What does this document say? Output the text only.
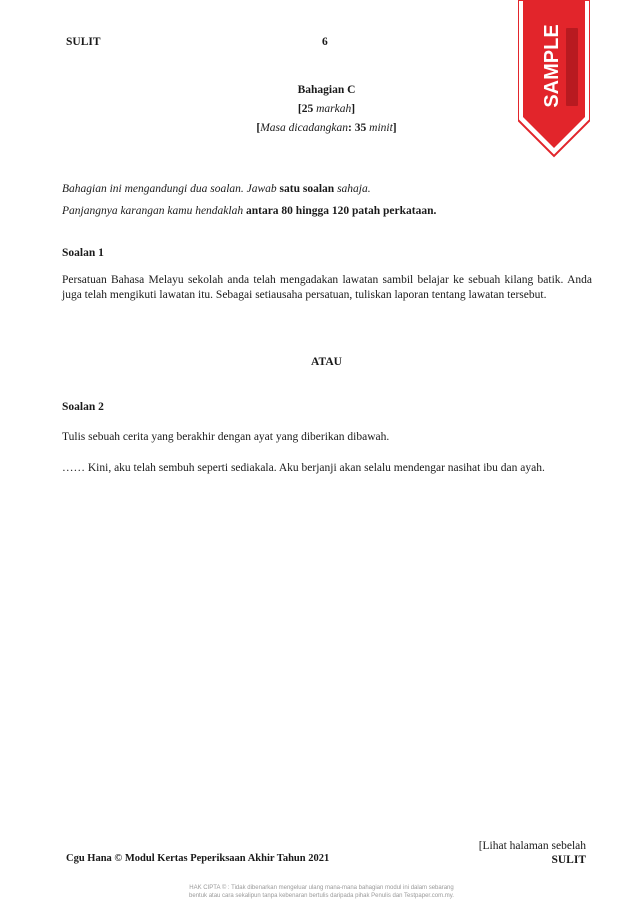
SULIT	6	SAMPLE
Bahagian C
[25 markah]
[Masa dicadangkan: 35 minit]
Bahagian ini mengandungi dua soalan. Jawab satu soalan sahaja.
Panjangnya karangan kamu hendaklah antara 80 hingga 120 patah perkataan.
Soalan 1
Persatuan Bahasa Melayu sekolah anda telah mengadakan lawatan sambil belajar ke sebuah kilang batik. Anda juga telah mengikuti lawatan itu. Sebagai setiausaha persatuan, tuliskan laporan tentang lawatan tersebut.
ATAU
Soalan 2
Tulis sebuah cerita yang berakhir dengan ayat yang diberikan dibawah.
…… Kini, aku telah sembuh seperti sediakala. Aku berjanji akan selalu mendengar nasihat ibu dan ayah.
[Lihat halaman sebelah
SULIT
Cgu Hana © Modul Kertas Peperiksaan Akhir Tahun 2021
HAK CIPTA © : Tidak dibenarkan mengeluar ulang mana-mana bahagian modul ini dalam sebarang
bentuk atau cara sekalipun tanpa kebenaran bertulis daripada pihak Penulis dan Testpaper.com.my.
